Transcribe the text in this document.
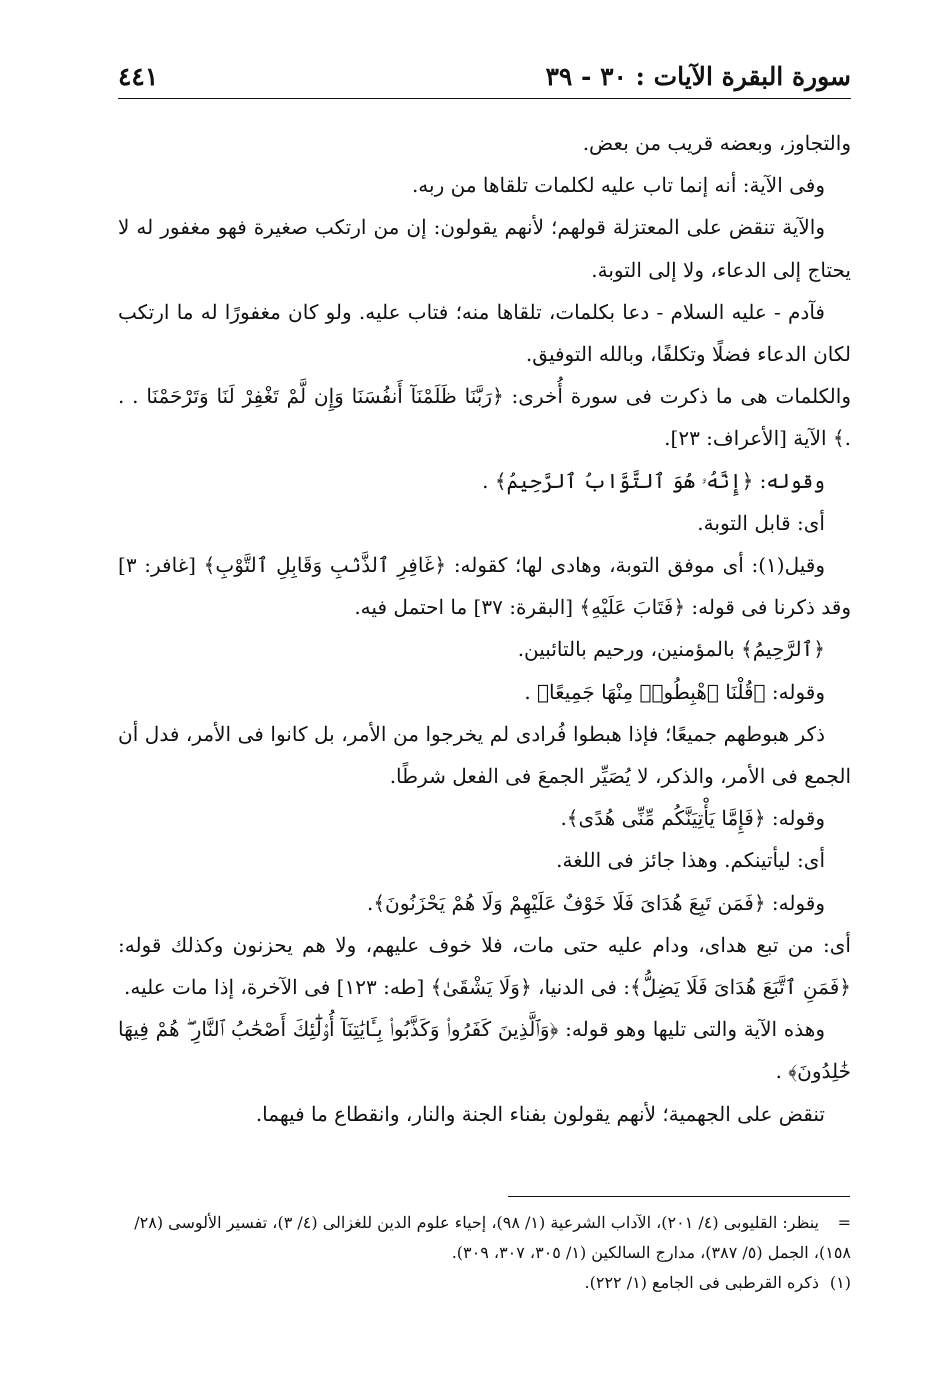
سورة البقرة الآيات : ٣٠ - ٣٩
٤٤١

والتجاوز، وبعضه قريب من بعض.

وفى الآية: أنه إنما تاب عليه لكلمات تلقاها من ربه.

والآية تنقض على المعتزلة قولهم؛ لأنهم يقولون: إن من ارتكب صغيرة فهو مغفور له لا يحتاج إلى الدعاء، ولا إلى التوبة.

فآدم - عليه السلام - دعا بكلمات، تلقاها منه؛ فتاب عليه. ولو كان مغفورًا له ما ارتكب لكان الدعاء فضلًا وتكلفًا، وبالله التوفيق.

والكلمات هى ما ذكرت فى سورة أُخرى: ﴿رَبَّنَا ظَلَمْنَآ أَنفُسَنَا وَإِن لَّمْ تَغْفِرْ لَنَا وَتَرْحَمْنَا . . .﴾ الآية [الأعراف: ٢٣].

وقوله: ﴿إِنَّهُۥ هُوَ ٱلتَّوَّابُ ٱلرَّحِيمُ﴾ .

أى: قابل التوبة.

وقيل(١): أى موفق التوبة، وهادى لها؛ كقوله: ﴿غَافِرِ ٱلذَّنۢبِ وَقَابِلِ ٱلتَّوْبِ﴾ [غافر: ٣] وقد ذكرنا فى قوله: ﴿فَتَابَ عَلَيْهِ﴾ [البقرة: ٣٧] ما احتمل فيه.

﴿ٱلرَّحِيمُ﴾ بالمؤمنين، ورحيم بالتائبين.

وقوله: ﴿قُلْنَا ٱهْبِطُوا۟ مِنْهَا جَمِيعًا﴾ .

ذكر هبوطهم جميعًا؛ فإذا هبطوا فُرادى لم يخرجوا من الأمر، بل كانوا فى الأمر، فدل أن الجمع فى الأمر، والذكر، لا يُصَيِّر الجمعَ فى الفعل شرطًا.

وقوله: ﴿فَإِمَّا يَأْتِيَنَّكُم مِّنِّى هُدًى﴾.

أى: ليأتينكم. وهذا جائز فى اللغة.

وقوله: ﴿فَمَن تَبِعَ هُدَاىَ فَلَا خَوْفٌ عَلَيْهِمْ وَلَا هُمْ يَحْزَنُونَ﴾.

أى: من تبع هداى، ودام عليه حتى مات، فلا خوف عليهم، ولا هم يحزنون وكذلك قوله: ﴿فَمَنِ ٱتَّبَعَ هُدَاىَ فَلَا يَضِلُّ﴾: فى الدنيا، ﴿وَلَا يَشْقَىٰ﴾ [طه: ١٢٣] فى الآخرة، إذا مات عليه.

وهذه الآية والتى تليها وهو قوله: ﴿وَٱلَّذِينَ كَفَرُوا۟ وَكَذَّبُوا۟ بِـَٔايَٰتِنَآ أُو۟لَٰٓئِكَ أَصْحَٰبُ ٱلنَّارِ ۖ هُمْ فِيهَا خَٰلِدُونَ﴾ .

تنقض على الجهمية؛ لأنهم يقولون بفناء الجنة والنار، وانقطاع ما فيهما.

=ينظر: القليوبى (٤/ ٢٠١)، الآداب الشرعية (١/ ٩٨)، إحياء علوم الدين للغزالى (٤/ ٣)، تفسير الألوسى (٢٨/ ١٥٨)، الجمل (٥/ ٣٨٧)، مدارج السالكين (١/ ٣٠٥، ٣٠٧، ٣٠٩).

(١)ذكره القرطبى فى الجامع (١/ ٢٢٢).
